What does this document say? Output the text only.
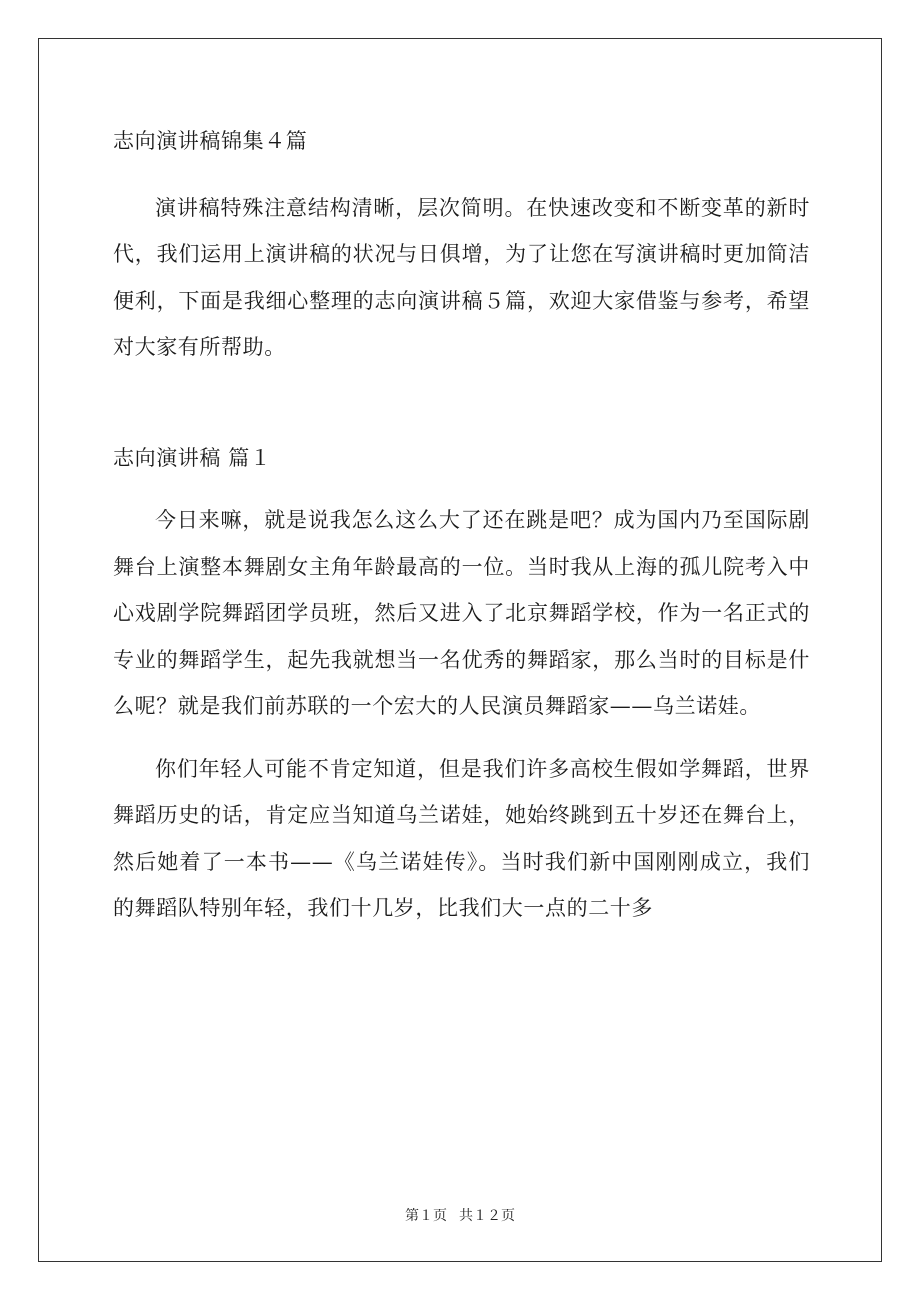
志向演讲稿锦集４篇

演讲稿特殊注意结构清晰，层次简明。在快速改变和不断变革的新时代，我们运用上演讲稿的状况与日俱增，为了让您在写演讲稿时更加简洁便利，下面是我细心整理的志向演讲稿５篇，欢迎大家借鉴与参考，希望对大家有所帮助。

志向演讲稿 篇１

今日来嘛，就是说我怎么这么大了还在跳是吧？成为国内乃至国际剧舞台上演整本舞剧女主角年龄最高的一位。当时我从上海的孤儿院考入中心戏剧学院舞蹈团学员班，然后又进入了北京舞蹈学校，作为一名正式的专业的舞蹈学生，起先我就想当一名优秀的舞蹈家，那么当时的目标是什么呢？就是我们前苏联的一个宏大的人民演员舞蹈家——乌兰诺娃。

你们年轻人可能不肯定知道，但是我们许多高校生假如学舞蹈，世界舞蹈历史的话，肯定应当知道乌兰诺娃，她始终跳到五十岁还在舞台上，然后她着了一本书——《乌兰诺娃传》。当时我们新中国刚刚成立，我们的舞蹈队特别年轻，我们十几岁，比我们大一点的二十多

第１页 共１２页
